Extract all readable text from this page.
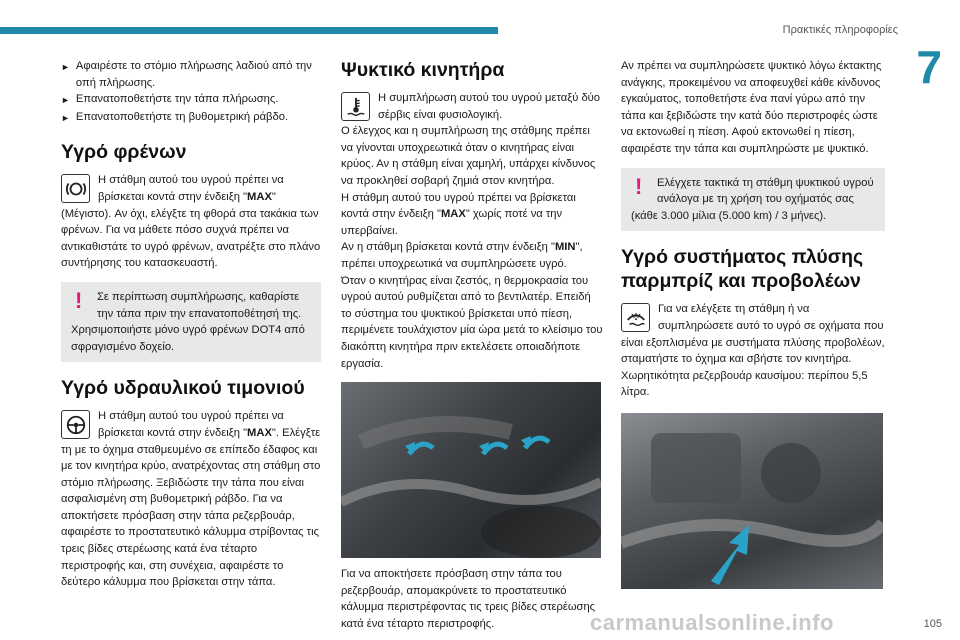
Πρακτικές πληροφορίες
7
105
carmanualsonline.info
► Αφαιρέστε το στόμιο πλήρωσης λαδιού από την οπή πλήρωσης.
► Επανατοποθετήστε την τάπα πλήρωσης.
► Επανατοποθετήστε τη βυθομετρική ράβδο.
Υγρό φρένων
Η στάθμη αυτού του υγρού πρέπει να βρίσκεται κοντά στην ένδειξη "MAX" (Μέγιστο). Αν όχι, ελέγξτε τη φθορά στα τακάκια των φρένων. Για να μάθετε πόσο συχνά πρέπει να αντικαθιστάτε το υγρό φρένων, ανατρέξτε στο πλάνο συντήρησης του κατασκευαστή.
!	Σε περίπτωση συμπλήρωσης, καθαρίστε την τάπα πριν την επανατοποθέτησή της. Χρησιμοποιήστε μόνο υγρό φρένων DOT4 από σφραγισμένο δοχείο.
Υγρό υδραυλικού τιμονιού
Η στάθμη αυτού του υγρού πρέπει να βρίσκεται κοντά στην ένδειξη "MAX". Ελέγξτε τη με το όχημα σταθμευμένο σε επίπεδο έδαφος και με τον κινητήρα κρύο, ανατρέχοντας στη στάθμη στο στόμιο πλήρωσης. Ξεβιδώστε την τάπα που είναι ασφαλισμένη στη βυθομετρική ράβδο. Για να αποκτήσετε πρόσβαση στην τάπα ρεζερβουάρ, αφαιρέστε το προστατευτικό κάλυμμα στρίβοντας τις τρεις βίδες στερέωσης κατά ένα τέταρτο περιστροφής και, στη συνέχεια, αφαιρέστε το δεύτερο κάλυμμα που βρίσκεται στην τάπα.
Ψυκτικό κινητήρα
Η συμπλήρωση αυτού του υγρού μεταξύ δύο σέρβις είναι φυσιολογική.

Ο έλεγχος και η συμπλήρωση της στάθμης πρέπει να γίνονται υποχρεωτικά όταν ο κινητήρας είναι κρύος. Αν η στάθμη είναι χαμηλή, υπάρχει κίνδυνος να προκληθεί σοβαρή ζημιά στον κινητήρα.

Η στάθμη αυτού του υγρού πρέπει να βρίσκεται κοντά στην ένδειξη "MAX" χωρίς ποτέ να την υπερβαίνει.

Αν η στάθμη βρίσκεται κοντά στην ένδειξη "MIN", πρέπει υποχρεωτικά να συμπληρώσετε υγρό.

Όταν ο κινητήρας είναι ζεστός, η θερμοκρασία του υγρού αυτού ρυθμίζεται από το βεντιλατέρ. Επειδή το σύστημα του ψυκτικού βρίσκεται υπό πίεση, περιμένετε τουλάχιστον μία ώρα μετά το κλείσιμο του διακόπτη κινητήρα πριν εκτελέσετε οποιαδήποτε εργασία.

Για να αποκτήσετε πρόσβαση στην τάπα του ρεζερβουάρ, απομακρύνετε το προστατευτικό κάλυμμα περιστρέφοντας τις τρεις βίδες στερέωσης κατά ένα τέταρτο περιστροφής.

Αν πρέπει να συμπληρώσετε ψυκτικό λόγω έκτακτης ανάγκης, προκειμένου να αποφευχθεί κάθε κίνδυνος εγκαύματος, τοποθετήστε ένα πανί γύρω από την τάπα και ξεβιδώστε την κατά δύο περιστροφές ώστε να εκτονωθεί η πίεση. Αφού εκτονωθεί η πίεση, αφαιρέστε την τάπα και συμπληρώστε με ψυκτικό.

!	Ελέγχετε τακτικά τη στάθμη ψυκτικού υγρού ανάλογα με τη χρήση του οχήματός σας (κάθε 3.000 μίλια (5.000 km) / 3 μήνες).
Υγρό συστήματος πλύσης παρμπρίζ και προβολέων
Για να ελέγξετε τη στάθμη ή να συμπληρώσετε αυτό το υγρό σε οχήματα που είναι εξοπλισμένα με συστήματα πλύσης προβολέων, σταματήστε το όχημα και σβήστε τον κινητήρα. Χωρητικότητα ρεζερβουάρ καυσίμου: περίπου 5,5 λίτρα.
